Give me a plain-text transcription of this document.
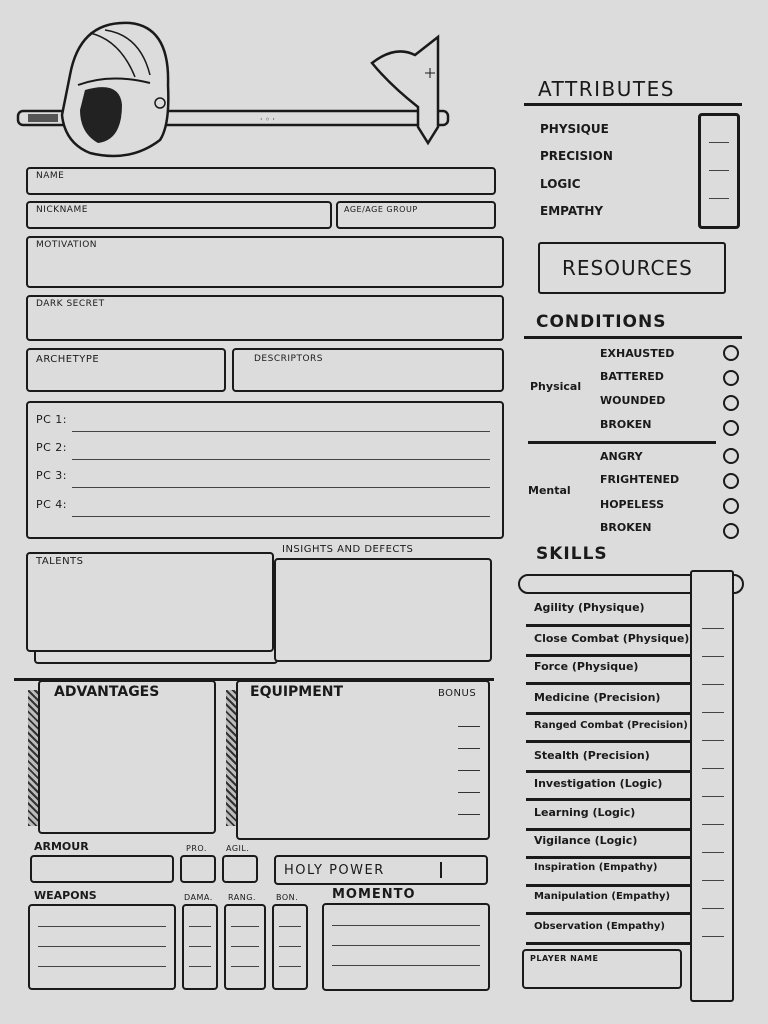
· ◦ ·
NAME
NICKNAME	AGE/AGE GROUP
MOTIVATION
DARK SECRET
ARCHETYPE	DESCRIPTORS
PC 1:
PC 2:
PC 3:
PC 4:
TALENTS
INSIGHTS AND DEFECTS
ADVANTAGES	EQUIPMENT	BONUS
ARMOUR	PRO. AGIL.
HOLY POWER
WEAPONS	DAMA. RANG.	BON.	MOMENTO
ATTRIBUTES
PHYSIQUE
PRECISION
LOGIC
EMPATHY
RESOURCES
CONDITIONS
Physical
EXHAUSTED
BATTERED
WOUNDED
BROKEN
Mental
ANGRY
FRIGHTENED
HOPELESS
BROKEN
SKILLS
Agility (Physique)
Close Combat (Physique)
Force (Physique)
Medicine (Precision)
Ranged Combat (Precision)
Stealth (Precision)
Investigation (Logic)
Learning (Logic)
Vigilance (Logic)
Inspiration (Empathy)
Manipulation (Empathy)
Observation (Empathy)
PLAYER NAME
